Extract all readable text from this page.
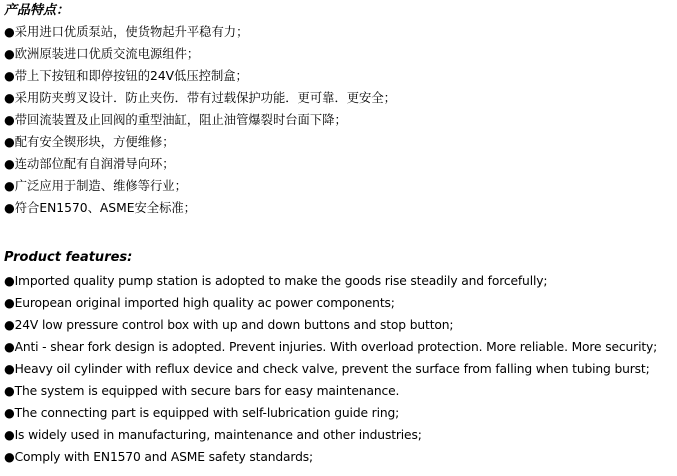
产品特点：
●采用进口优质泵站，使货物起升平稳有力；
●欧洲原装进口优质交流电源组件；
●带上下按钮和即停按钮的24V低压控制盒；
●采用防夹剪叉设计．防止夹伤．带有过载保护功能．更可靠．更安全；
●带回流装置及止回阀的重型油缸，阻止油管爆裂时台面下降；
●配有安全锲形块，方便维修；
●连动部位配有自润滑导向环；
●广泛应用于制造、维修等行业；
●符合EN1570、ASME安全标准；
Product features:
●Imported quality pump station is adopted to make the goods rise steadily and forcefully;
●European original imported high quality ac power components;
●24V low pressure control box with up and down buttons and stop button;
●Anti - shear fork design is adopted. Prevent injuries. With overload protection. More reliable. More security;
●Heavy oil cylinder with reflux device and check valve, prevent the surface from falling when tubing burst;
●The system is equipped with secure bars for easy maintenance.
●The connecting part is equipped with self-lubrication guide ring;
●Is widely used in manufacturing, maintenance and other industries;
●Comply with EN1570 and ASME safety standards;
